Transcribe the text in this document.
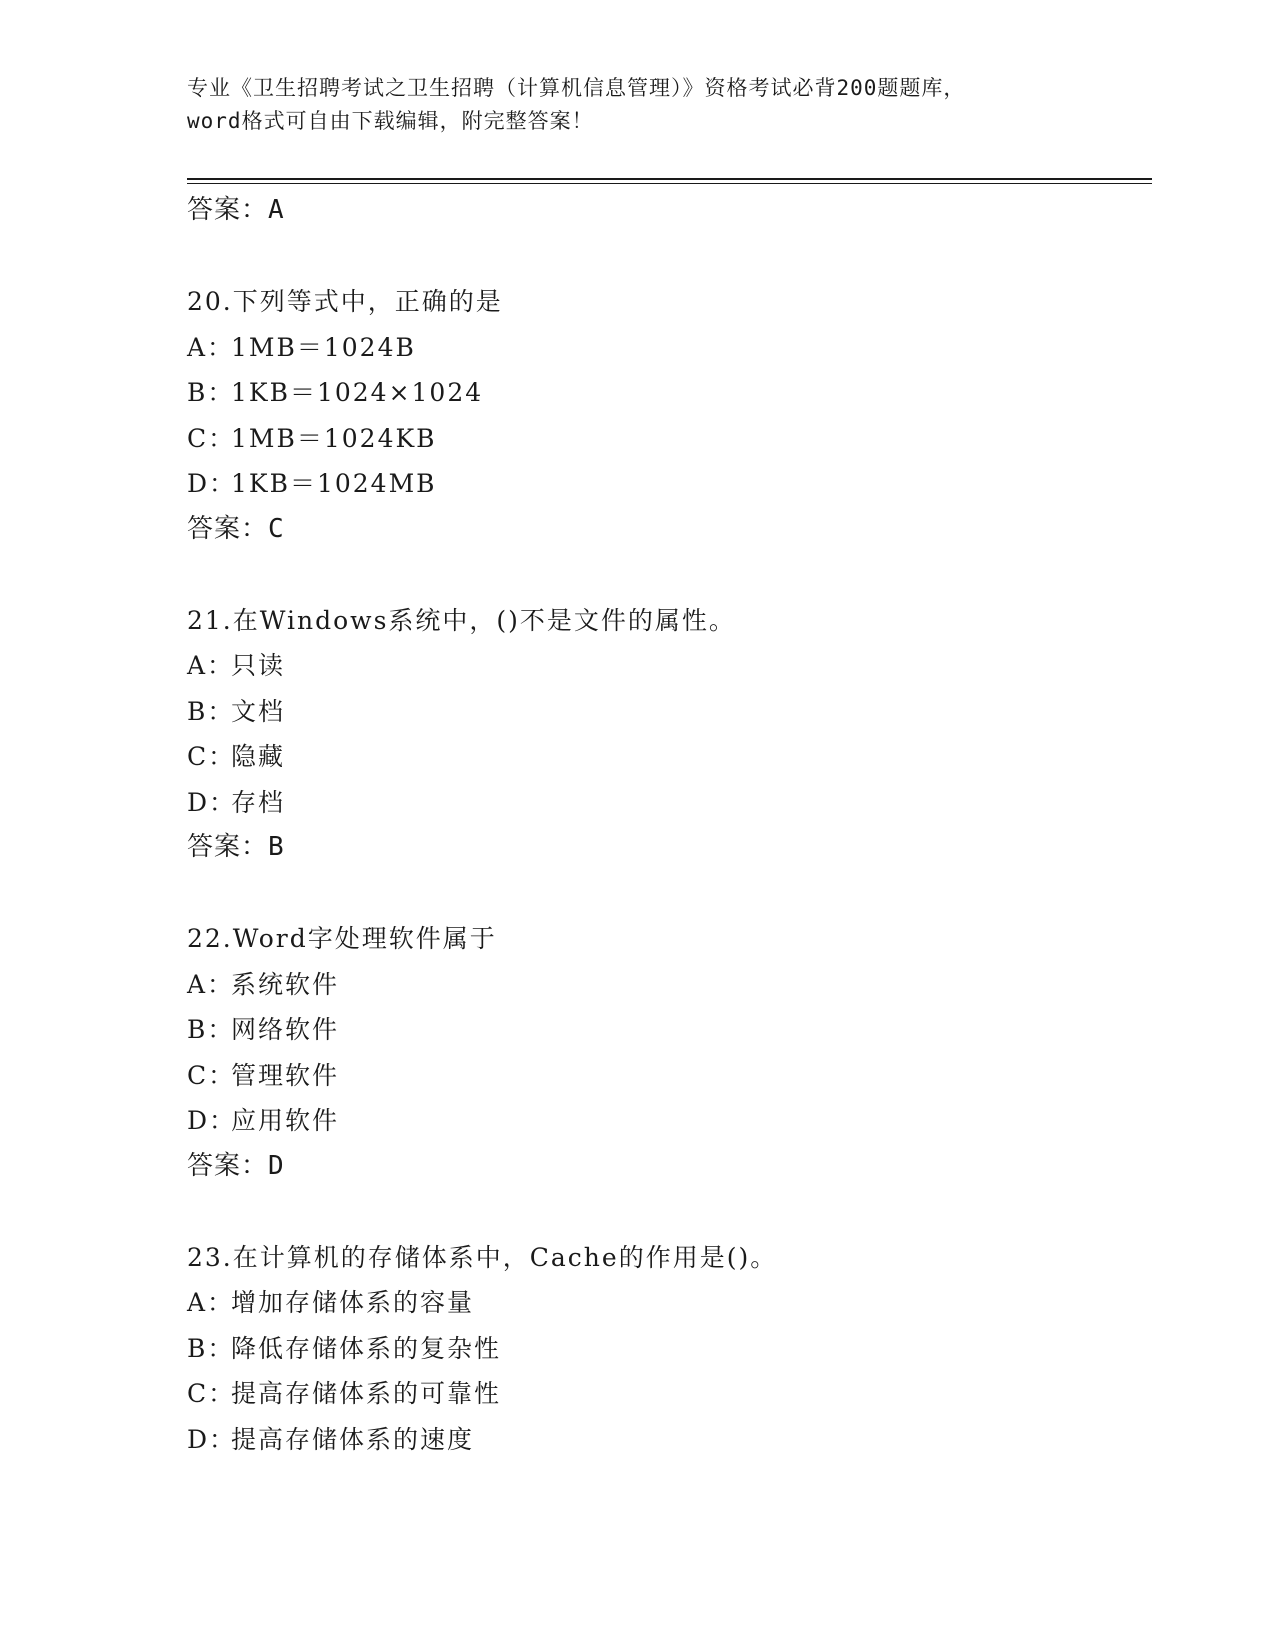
专业《卫生招聘考试之卫生招聘（计算机信息管理）》资格考试必背200题题库，
word格式可自由下载编辑，附完整答案！
答案：A
20.下列等式中，正确的是
A：1MB＝1024B
B：1KB＝1024×1024
C：1MB＝1024KB
D：1KB＝1024MB
答案：C
21.在Windows系统中，()不是文件的属性。
A：只读
B：文档
C：隐藏
D：存档
答案：B
22.Word字处理软件属于
A：系统软件
B：网络软件
C：管理软件
D：应用软件
答案：D
23.在计算机的存储体系中，Cache的作用是()。
A：增加存储体系的容量
B：降低存储体系的复杂性
C：提高存储体系的可靠性
D：提高存储体系的速度
